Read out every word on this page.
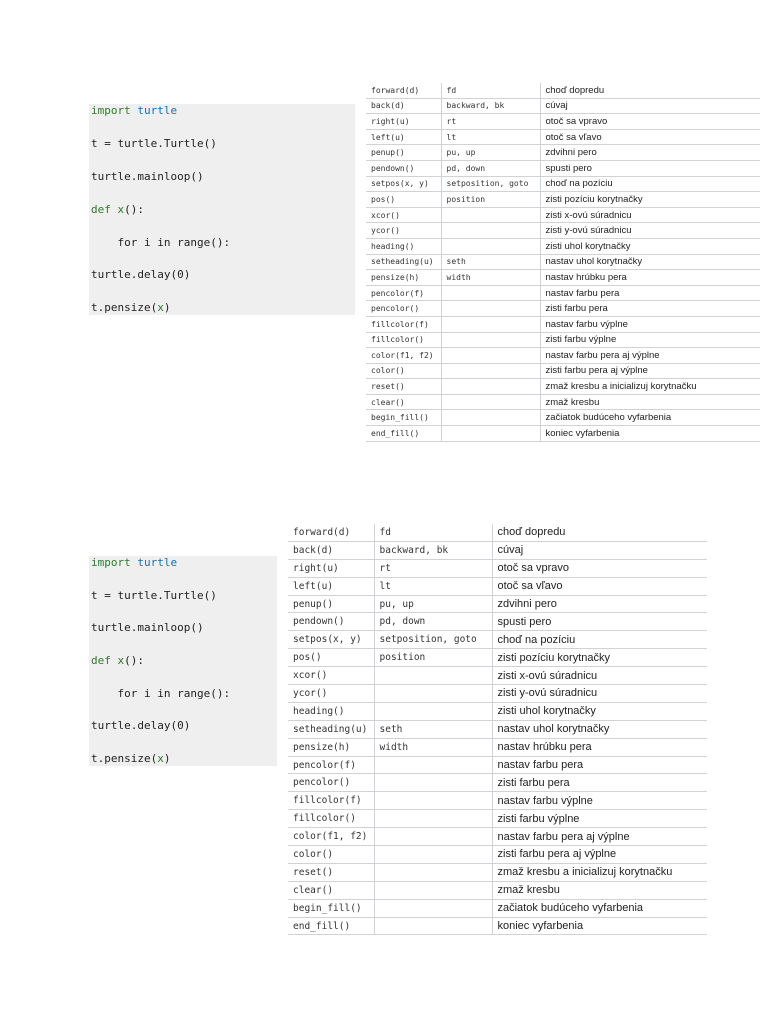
import turtle
t = turtle.Turtle()
turtle.mainloop()
def x():
for i in range():
turtle.delay(0)
t.pensize(x)
forward(d)	fd	choď dopredu
back(d)	backward, bk	cúvaj
right(u)	rt	otoč sa vpravo
left(u)	lt	otoč sa vľavo
penup()	pu, up	zdvihni pero
pendown()	pd, down	spusti pero
setpos(x, y)	setposition, goto	choď na pozíciu
pos()	position	zisti pozíciu korytnačky
xcor()		zisti x-ovú súradnicu
ycor()		zisti y-ovú súradnicu
heading()		zisti uhol korytnačky
setheading(u)	seth	nastav uhol korytnačky
pensize(h)	width	nastav hrúbku pera
pencolor(f)		nastav farbu pera
pencolor()		zisti farbu pera
fillcolor(f)		nastav farbu výplne
fillcolor()		zisti farbu výplne
color(f1, f2)		nastav farbu pera aj výplne
color()		zisti farbu pera aj výplne
reset()		zmaž kresbu a inicializuj korytnačku
clear()		zmaž kresbu
begin_fill()		začiatok budúceho vyfarbenia
end_fill()		koniec vyfarbenia
import turtle
t = turtle.Turtle()
turtle.mainloop()
def x():
for i in range():
turtle.delay(0)
t.pensize(x)
forward(d)	fd	choď dopredu
back(d)	backward, bk	cúvaj
right(u)	rt	otoč sa vpravo
left(u)	lt	otoč sa vľavo
penup()	pu, up	zdvihni pero
pendown()	pd, down	spusti pero
setpos(x, y)	setposition, goto	choď na pozíciu
pos()	position	zisti pozíciu korytnačky
xcor()		zisti x-ovú súradnicu
ycor()		zisti y-ovú súradnicu
heading()		zisti uhol korytnačky
setheading(u)	seth	nastav uhol korytnačky
pensize(h)	width	nastav hrúbku pera
pencolor(f)		nastav farbu pera
pencolor()		zisti farbu pera
fillcolor(f)		nastav farbu výplne
fillcolor()		zisti farbu výplne
color(f1, f2)		nastav farbu pera aj výplne
color()		zisti farbu pera aj výplne
reset()		zmaž kresbu a inicializuj korytnačku
clear()		zmaž kresbu
begin_fill()		začiatok budúceho vyfarbenia
end_fill()		koniec vyfarbenia
